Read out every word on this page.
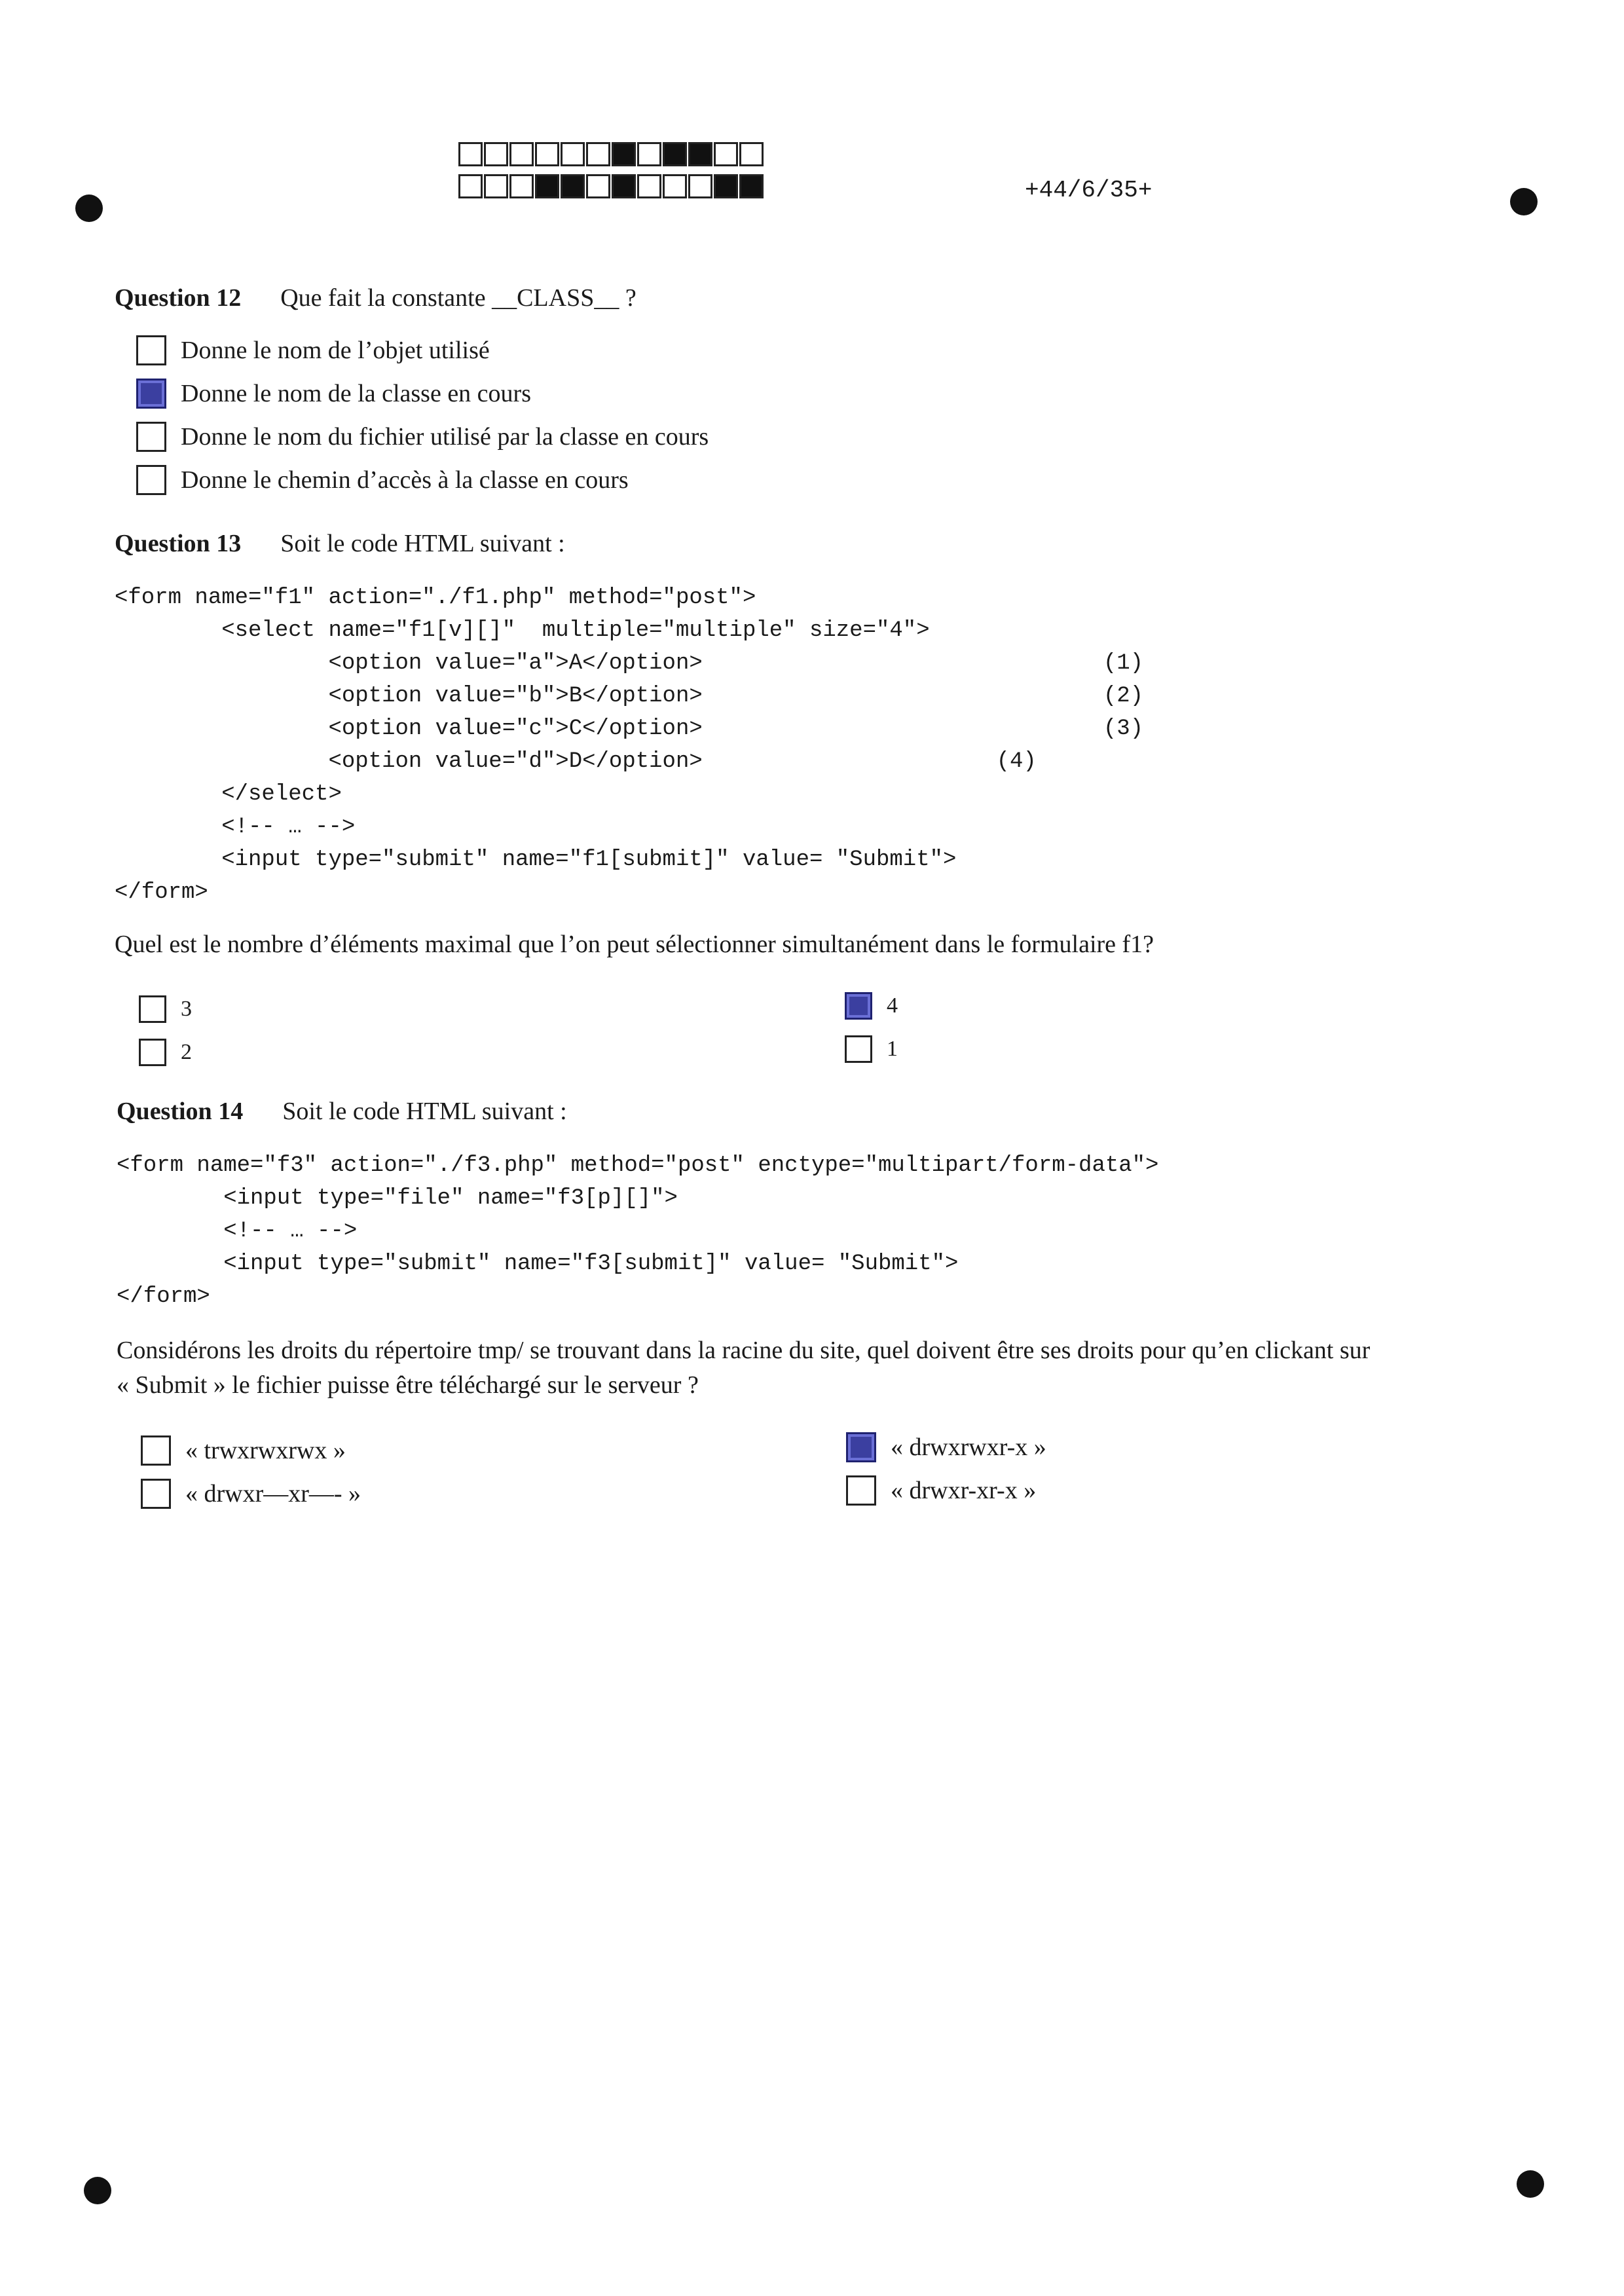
+44/6/35+
Question 12 Que fait la constante __CLASS__ ?
Donne le nom de l’objet utilisé
Donne le nom de la classe en cours
Donne le nom du fichier utilisé par la classe en cours
Donne le chemin d’accès à la classe en cours
Question 13 Soit le code HTML suivant :
<form name="f1" action="./f1.php" method="post">
<select name="f1[v][]"  multiple="multiple" size="4">
<option value="a">A</option>                              (1)
<option value="b">B</option>                              (2)
<option value="c">C</option>                              (3)
<option value="d">D</option>                      (4)
</select>
<!-- … -->
<input type="submit" name="f1[submit]" value= "Submit">
</form>
Quel est le nombre d’éléments maximal que l’on peut sélectionner simultanément dans le formulaire f1?
3	4
2	1
Question 14 Soit le code HTML suivant :
<form name="f3" action="./f3.php" method="post" enctype="multipart/form-data">
<input type="file" name="f3[p][]">
<!-- … -->
<input type="submit" name="f3[submit]" value= "Submit">
</form>
Considérons les droits du répertoire tmp/ se trouvant dans la racine du site, quel doivent être ses droits pour qu’en clickant sur
« Submit » le fichier puisse être téléchargé sur le serveur ?
« trwxrwxrwx »	« drwxrwxr-x »
« drwxr—xr—- »	« drwxr-xr-x »
